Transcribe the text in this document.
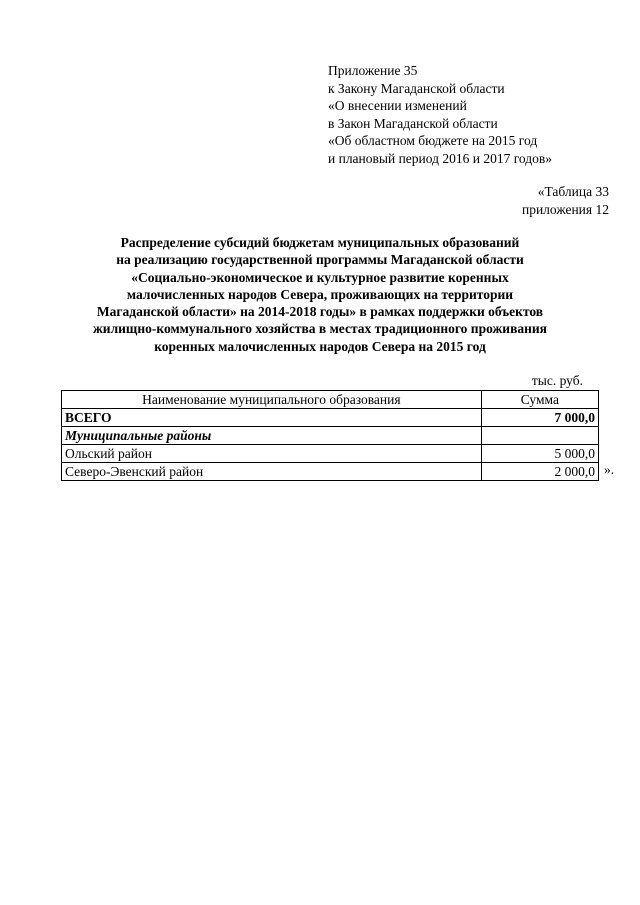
Приложение 35
к Закону Магаданской области
«О внесении изменений
в Закон Магаданской области
«Об областном бюджете на 2015 год
и плановый период 2016 и 2017 годов»
«Таблица 33
приложения 12
Распределение субсидий бюджетам муниципальных образований
на реализацию государственной программы Магаданской области
«Социально-экономическое и культурное развитие коренных
малочисленных народов Севера, проживающих на территории
Магаданской области» на 2014-2018 годы» в рамках поддержки объектов
жилищно-коммунального хозяйства в местах традиционного проживания
коренных малочисленных народов Севера на 2015 год
тыс. руб.
Наименование муниципального образования	Сумма
ВСЕГО	7 000,0
Муниципальные районы	
Ольский район	5 000,0
Северо-Эвенский район	2 000,0 ».
